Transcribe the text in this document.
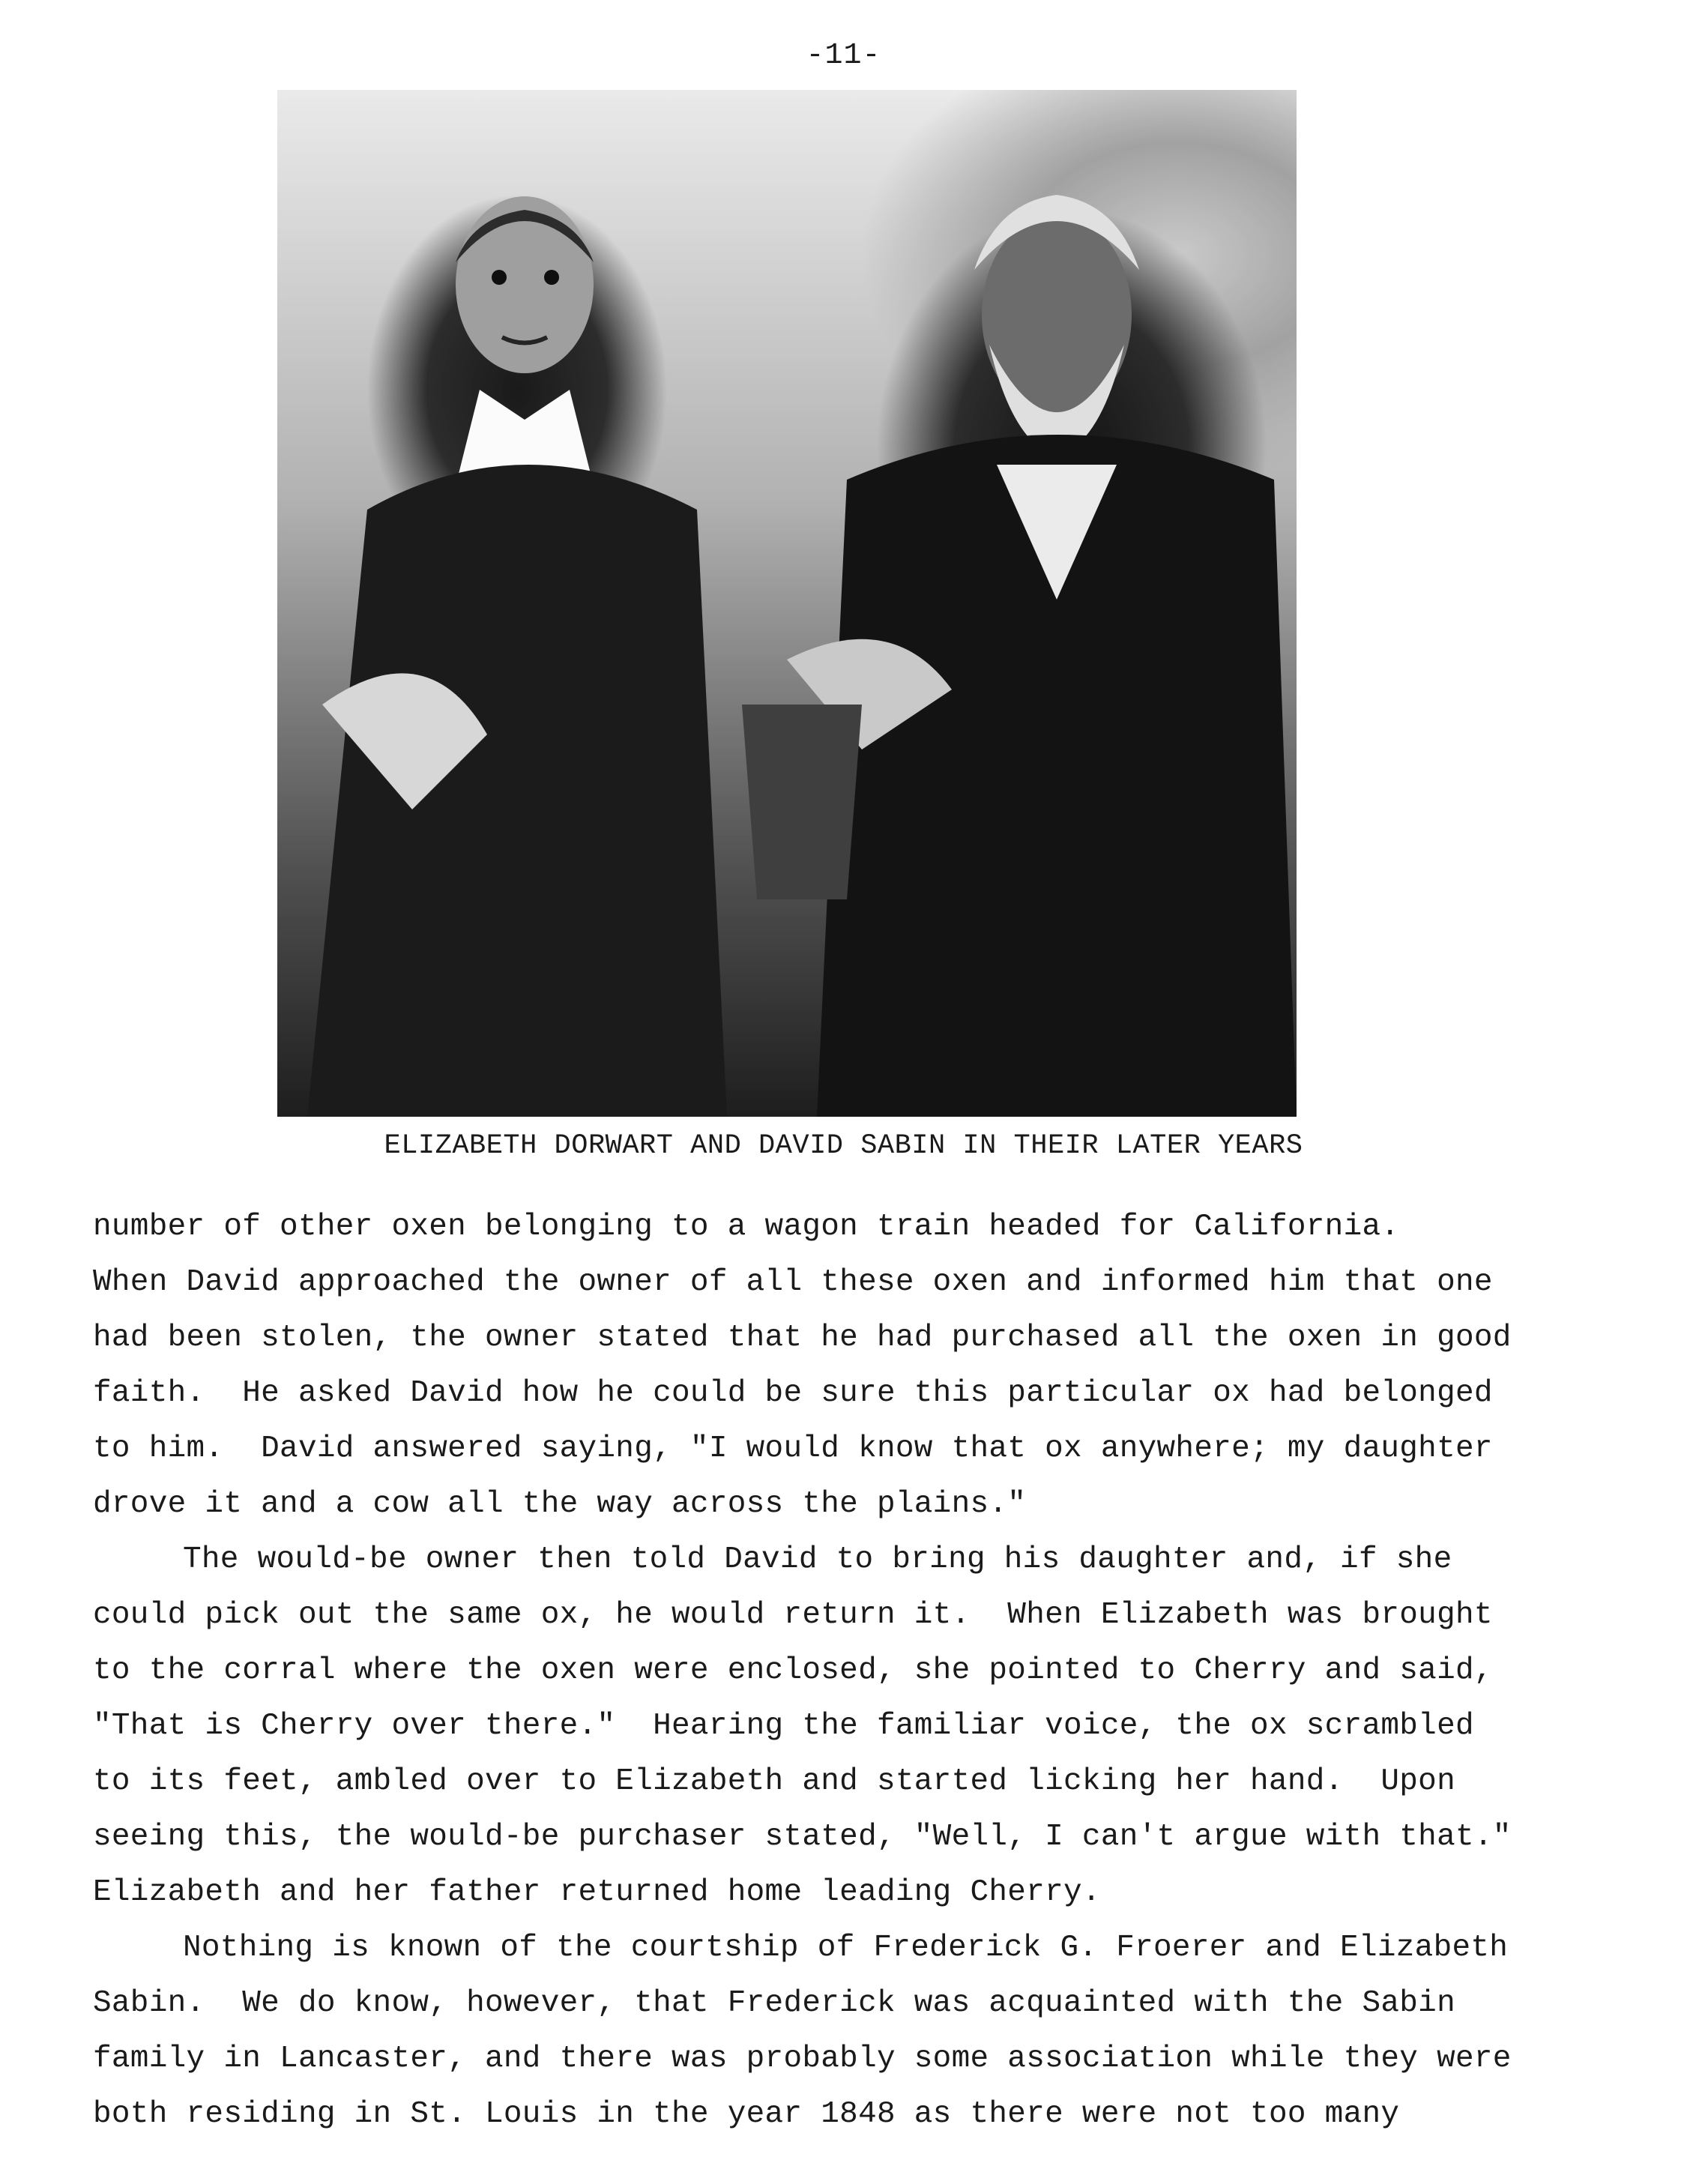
-11-
ELIZABETH DORWART AND DAVID SABIN IN THEIR LATER YEARS
number of other oxen belonging to a wagon train headed for California.
When David approached the owner of all these oxen and informed him that one
had been stolen, the owner stated that he had purchased all the oxen in good
faith.  He asked David how he could be sure this particular ox had belonged
to him.  David answered saying, "I would know that ox anywhere; my daughter
drove it and a cow all the way across the plains."
The would-be owner then told David to bring his daughter and, if she
could pick out the same ox, he would return it.  When Elizabeth was brought
to the corral where the oxen were enclosed, she pointed to Cherry and said,
"That is Cherry over there."  Hearing the familiar voice, the ox scrambled
to its feet, ambled over to Elizabeth and started licking her hand.  Upon
seeing this, the would-be purchaser stated, "Well, I can't argue with that."
Elizabeth and her father returned home leading Cherry.
Nothing is known of the courtship of Frederick G. Froerer and Elizabeth
Sabin.  We do know, however, that Frederick was acquainted with the Sabin
family in Lancaster, and there was probably some association while they were
both residing in St. Louis in the year 1848 as there were not too many
